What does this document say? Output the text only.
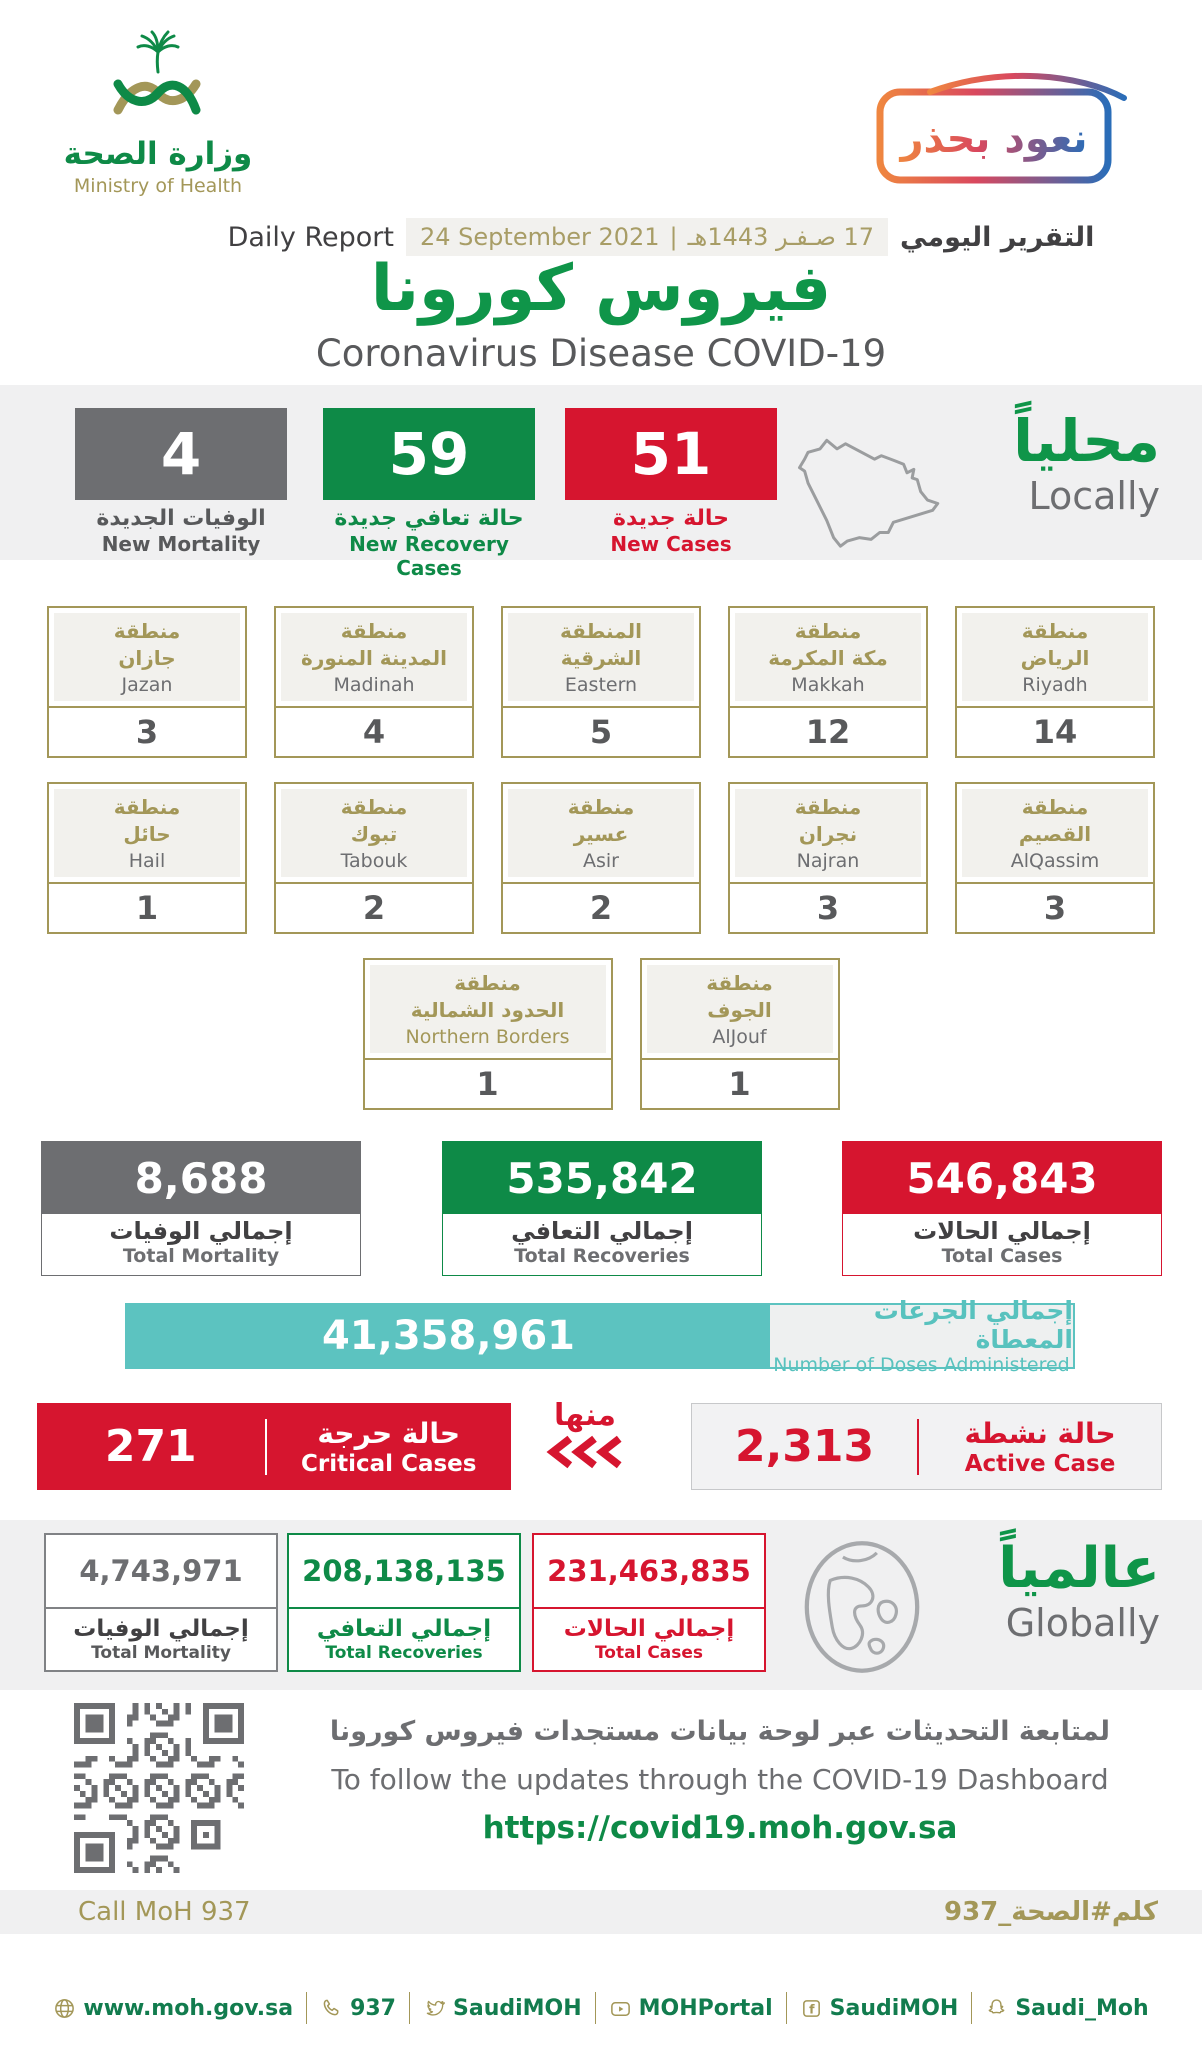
وزارة الصحة
Ministry of Health
نعود بحذر
Daily Report 24 September 2021 | 17 صـفـر 1443هـ التقرير اليومي
فيروس كورونا
Coronavirus Disease COVID-19
4
الوفيات الجديدة
New Mortality
59
حالة تعافي جديدة
New Recovery Cases
51
حالة جديدة
New Cases
محلياً
Locally
منطقة
جازان
Jazan
3
منطقة
المدينة المنورة
Madinah
4
المنطقة
الشرقية
Eastern
5
منطقة
مكة المكرمة
Makkah
12
منطقة
الرياض
Riyadh
14
منطقة
حائل
Hail
1
منطقة
تبوك
Tabouk
2
منطقة
عسير
Asir
2
منطقة
نجران
Najran
3
منطقة
القصيم
AlQassim
3
منطقة
الحدود الشمالية
Northern Borders
1
منطقة
الجوف
AlJouf
1
8,688
إجمالي الوفيات
Total Mortality
535,842
إجمالي التعافي
Total Recoveries
546,843
إجمالي الحالات
Total Cases
41,358,961
إجمالي الجرعات المعطاة
Number of Doses Administered
271	حالة حرجة
Critical Cases
منها
2,313	حالة نشطة
Active Case
4,743,971
إجمالي الوفيات
Total Mortality
208,138,135
إجمالي التعافي
Total Recoveries
231,463,835
إجمالي الحالات
Total Cases
عالمياً
Globally
لمتابعة التحديثات عبر لوحة بيانات مستجدات فيروس كورونا
To follow the updates through the COVID-19 Dashboard
https://covid19.moh.gov.sa
Call MoH 937	كلم#الصحة_937
www.moh.gov.sa	937	SaudiMOH	MOHPortal	f SaudiMOH	Saudi_Moh
